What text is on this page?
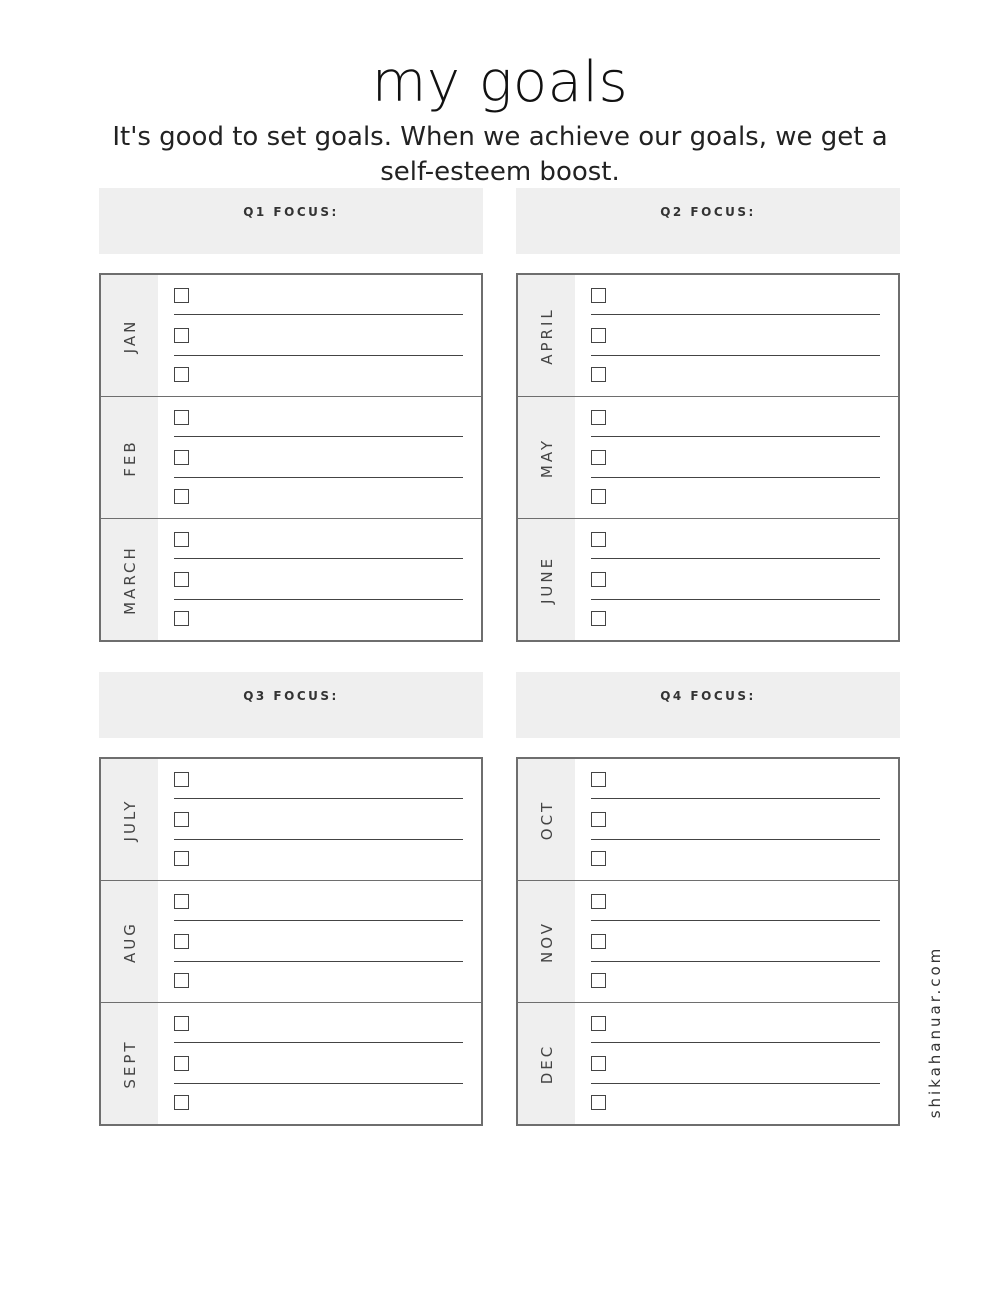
my goals
It's good to set goals. When we achieve our goals, we get a self-esteem boost.
Q1 FOCUS:
JAN
FEB
MARCH
Q2 FOCUS:
APRIL
MAY
JUNE
Q3 FOCUS:
JULY
AUG
SEPT
Q4 FOCUS:
OCT
NOV
DEC	shikahanuar.com
